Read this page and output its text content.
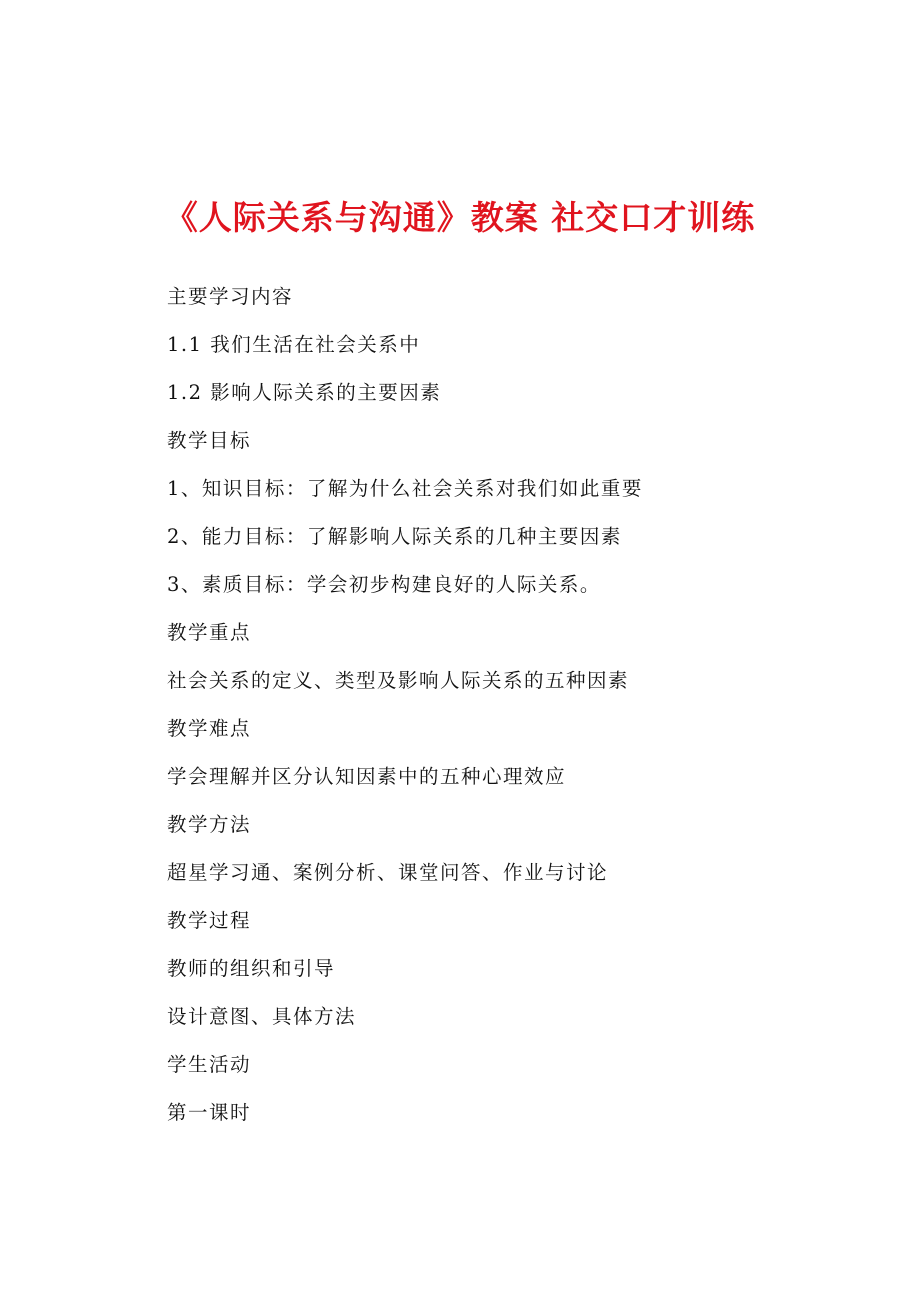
《人际关系与沟通》教案 社交口才训练
主要学习内容
1.1 我们生活在社会关系中
1.2 影响人际关系的主要因素
教学目标
1、知识目标：了解为什么社会关系对我们如此重要
2、能力目标：了解影响人际关系的几种主要因素
3、素质目标：学会初步构建良好的人际关系。
教学重点
社会关系的定义、类型及影响人际关系的五种因素
教学难点
学会理解并区分认知因素中的五种心理效应
教学方法
超星学习通、案例分析、课堂问答、作业与讨论
教学过程
教师的组织和引导
设计意图、具体方法
学生活动
第一课时
